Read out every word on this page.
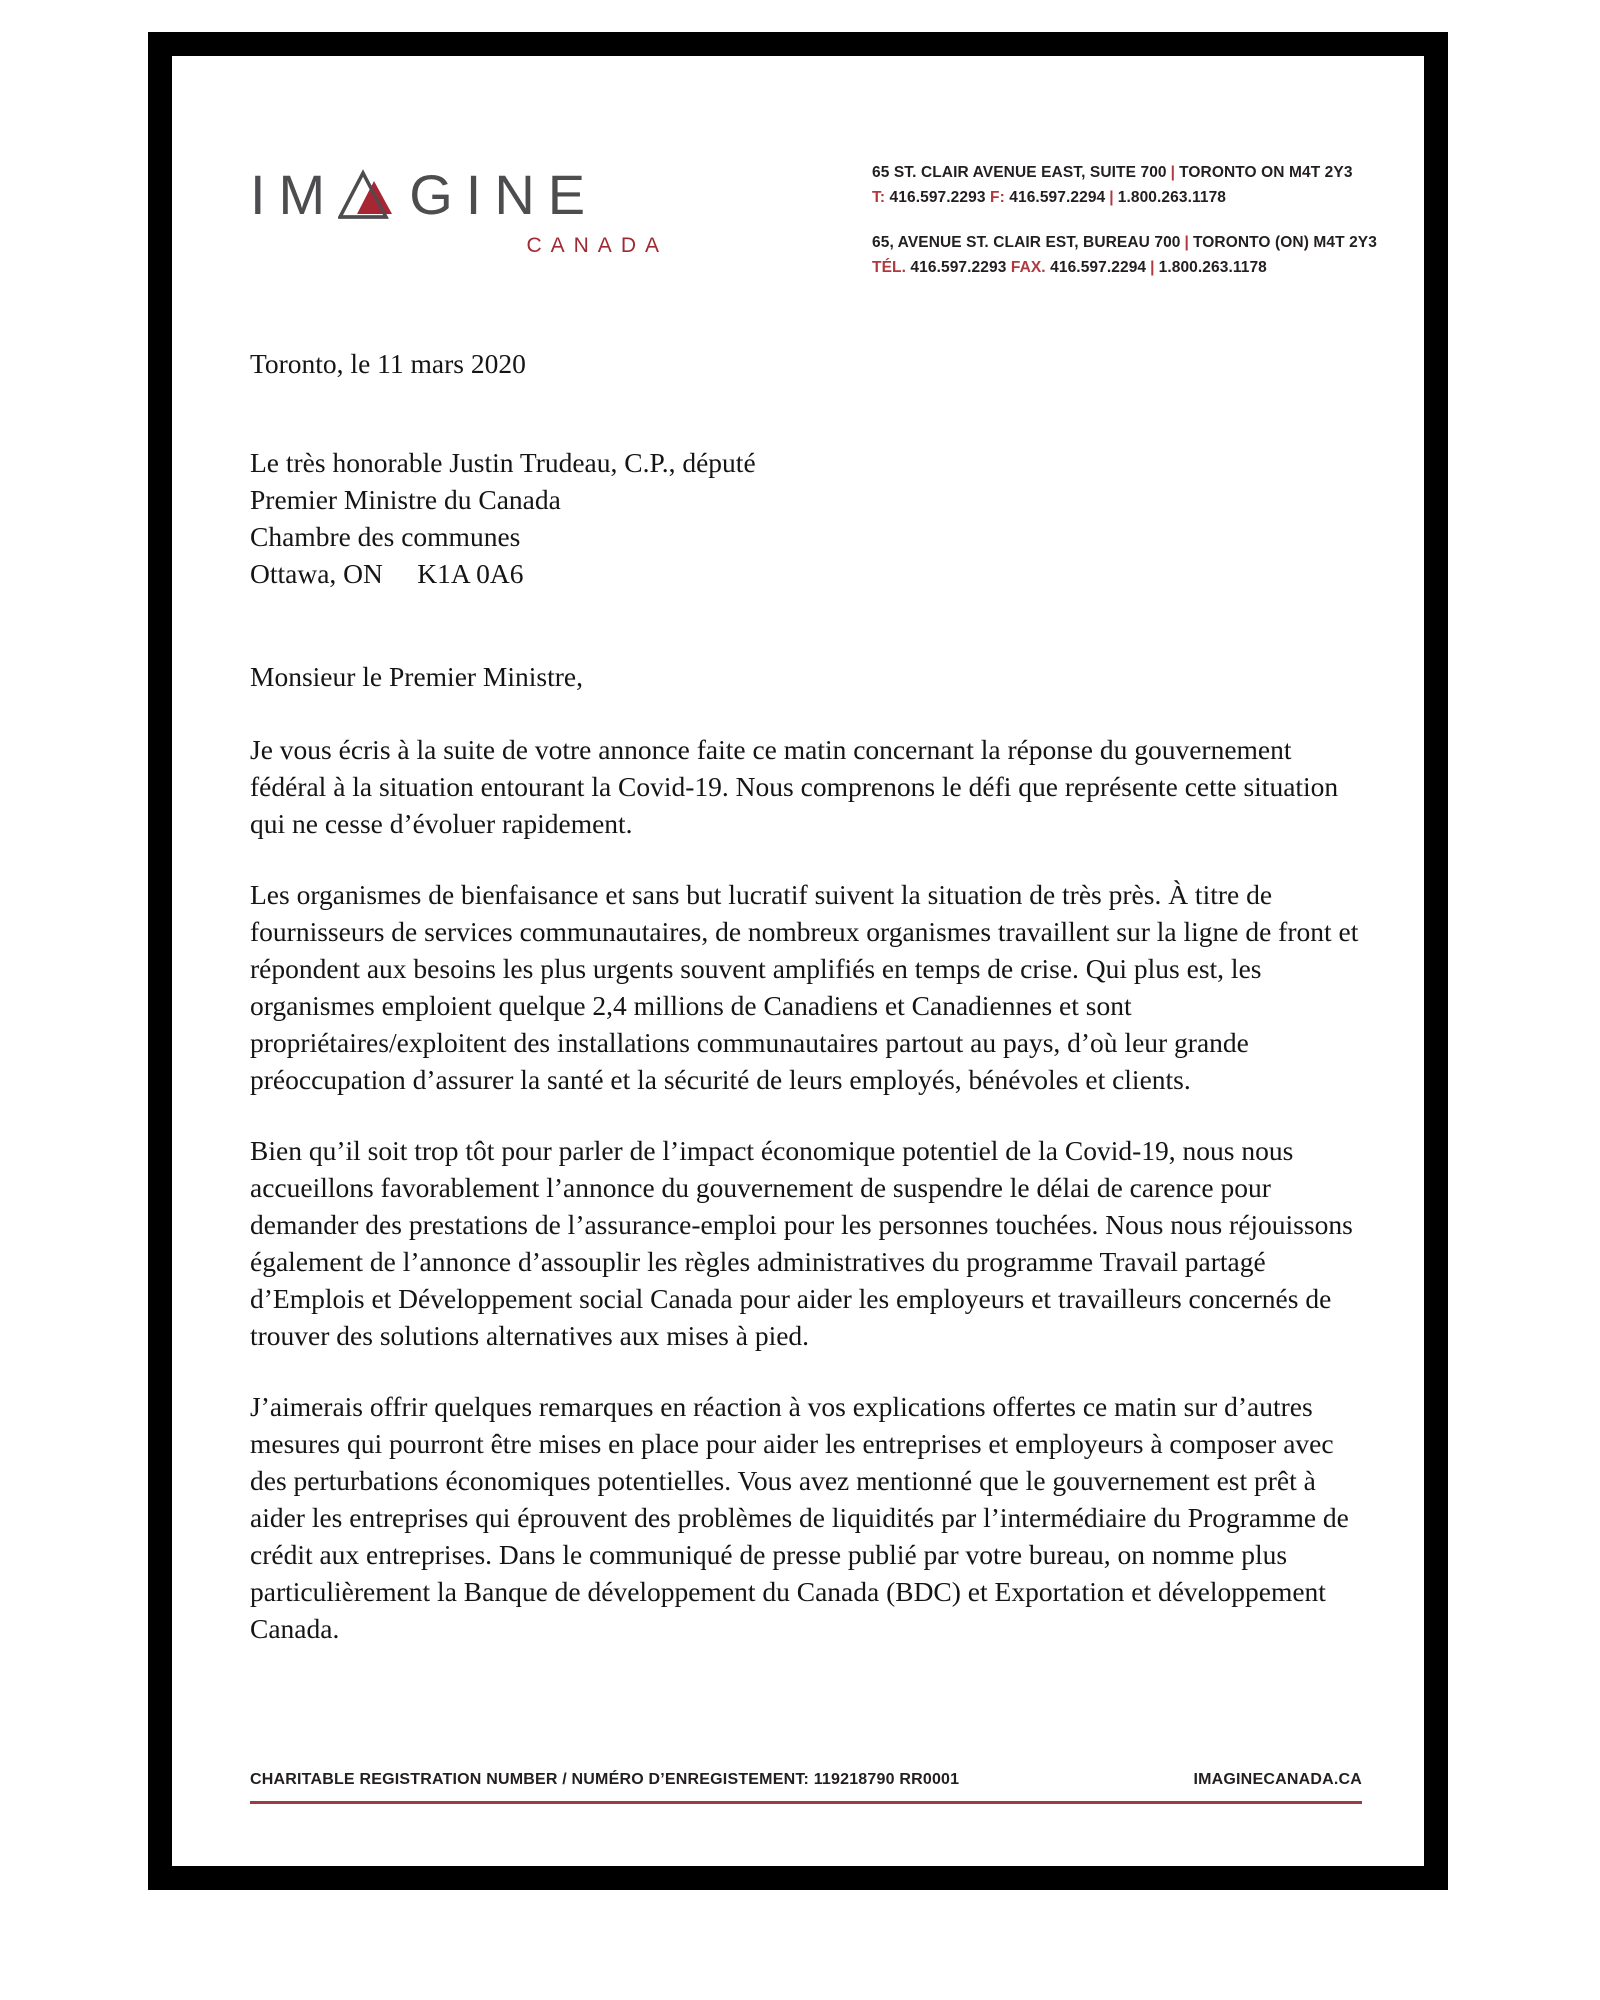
IM GINE
CANADA
65 ST. CLAIR AVENUE EAST, SUITE 700 | TORONTO ON M4T 2Y3
T: 416.597.2293 F: 416.597.2294 | 1.800.263.1178
65, AVENUE ST. CLAIR EST, BUREAU 700 | TORONTO (ON) M4T 2Y3
TÉL. 416.597.2293 FAX. 416.597.2294 | 1.800.263.1178
Toronto, le 11 mars 2020
Le très honorable Justin Trudeau, C.P., député
Premier Ministre du Canada
Chambre des communes
Ottawa, ON     K1A 0A6
Monsieur le Premier Ministre,

Je vous écris à la suite de votre annonce faite ce matin concernant la réponse du gouvernement fédéral à la situation entourant la Covid-19. Nous comprenons le défi que représente cette situation qui ne cesse d’évoluer rapidement.

Les organismes de bienfaisance et sans but lucratif suivent la situation de très près. À titre de fournisseurs de services communautaires, de nombreux organismes travaillent sur la ligne de front et répondent aux besoins les plus urgents souvent amplifiés en temps de crise. Qui plus est, les organismes emploient quelque 2,4 millions de Canadiens et Canadiennes et sont propriétaires/exploitent des installations communautaires partout au pays, d’où leur grande préoccupation d’assurer la santé et la sécurité de leurs employés, bénévoles et clients.

Bien qu’il soit trop tôt pour parler de l’impact économique potentiel de la Covid-19, nous nous accueillons favorablement l’annonce du gouvernement de suspendre le délai de carence pour demander des prestations de l’assurance-emploi pour les personnes touchées. Nous nous réjouissons également de l’annonce d’assouplir les règles administratives du programme Travail partagé d’Emplois et Développement social Canada pour aider les employeurs et travailleurs concernés de trouver des solutions alternatives aux mises à pied.

J’aimerais offrir quelques remarques en réaction à vos explications offertes ce matin sur d’autres mesures qui pourront être mises en place pour aider les entreprises et employeurs à composer avec des perturbations économiques potentielles. Vous avez mentionné que le gouvernement est prêt à aider les entreprises qui éprouvent des problèmes de liquidités par l’intermédiaire du Programme de crédit aux entreprises. Dans le communiqué de presse publié par votre bureau, on nomme plus particulièrement la Banque de développement du Canada (BDC) et Exportation et développement Canada.

CHARITABLE REGISTRATION NUMBER / NUMÉRO D’ENREGISTEMENT: 119218790 RR0001	IMAGINECANADA.CA
